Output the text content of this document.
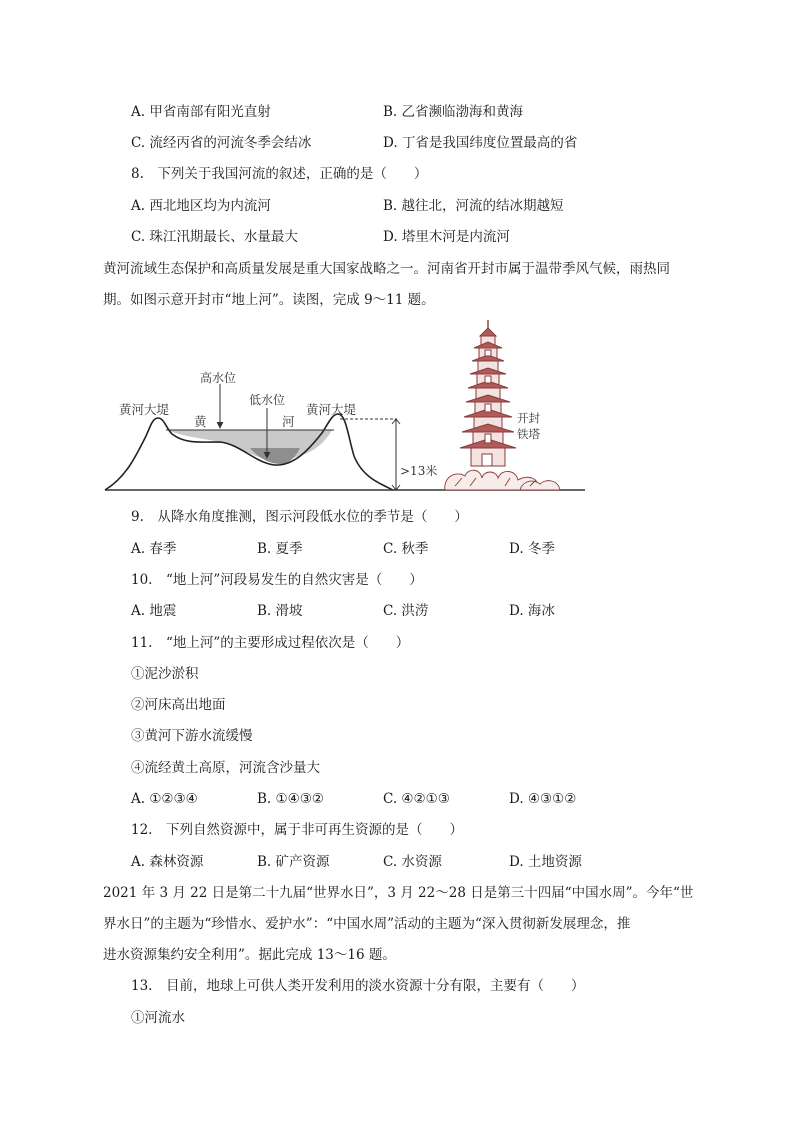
A. 甲省南部有阳光直射	B. 乙省濒临渤海和黄海
C. 流经丙省的河流冬季会结冰	D. 丁省是我国纬度位置最高的省
8.　下列关于我国河流的叙述，正确的是（　　）
A. 西北地区均为内流河	B. 越往北，河流的结冰期越短
C. 珠江汛期最长、水量最大	D. 塔里木河是内流河
黄河流域生态保护和高质量发展是重大国家战略之一。河南省开封市属于温带季风气候，雨热同
期。如图示意开封市“地上河”。读图，完成 9～11 题。
高水位
低水位
黄河大堤	黄河大堤
黄	河
>13米
开封
铁塔
9.　从降水角度推测，图示河段低水位的季节是（　　）
A. 春季	B. 夏季	C. 秋季	D. 冬季
10.　“地上河”河段易发生的自然灾害是（　　）
A. 地震	B. 滑坡	C. 洪涝	D. 海冰
11.　“地上河”的主要形成过程依次是（　　）
①泥沙淤积
②河床高出地面
③黄河下游水流缓慢
④流经黄土高原，河流含沙量大
A. ①②③④	B. ①④③②	C. ④②①③	D. ④③①②
12.　下列自然资源中，属于非可再生资源的是（　　）
A. 森林资源	B. 矿产资源	C. 水资源	D. 土地资源
2021 年 3 月 22 日是第二十九届“世界水日”，3 月 22～28 日是第三十四届“中国水周”。今年“世
界水日”的主题为“珍惜水、爱护水”：“中国水周”活动的主题为“深入贯彻新发展理念，推
进水资源集约安全利用”。据此完成 13～16 题。
13.　目前，地球上可供人类开发利用的淡水资源十分有限，主要有（　　）
①河流水
